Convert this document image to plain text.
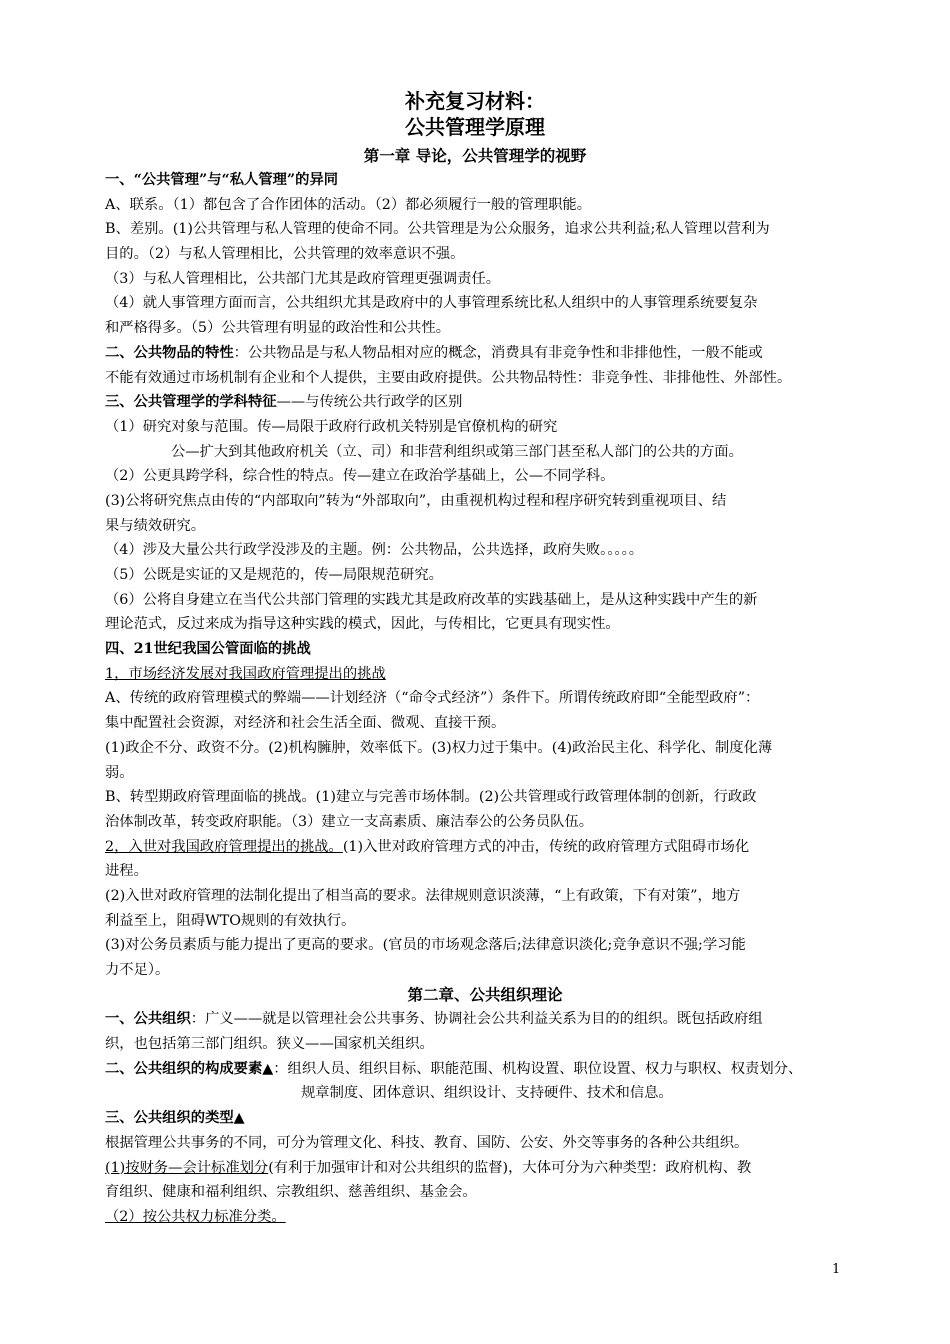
补充复习材料：
公共管理学原理
第一章 导论，公共管理学的视野
一、“公共管理”与“私人管理”的异同
A、联系。（1）都包含了合作团体的活动。（2）都必须履行一般的管理职能。
B、差别。(1)公共管理与私人管理的使命不同。公共管理是为公众服务，追求公共利益;私人管理以营利为
目的。（2）与私人管理相比，公共管理的效率意识不强。
（3）与私人管理相比，公共部门尤其是政府管理更强调责任。
（4）就人事管理方面而言，公共组织尤其是政府中的人事管理系统比私人组织中的人事管理系统要复杂
和严格得多。（5）公共管理有明显的政治性和公共性。
二、公共物品的特性：公共物品是与私人物品相对应的概念，消费具有非竞争性和非排他性，一般不能或
不能有效通过市场机制有企业和个人提供，主要由政府提供。公共物品特性：非竞争性、非排他性、外部性。
三、公共管理学的学科特征——与传统公共行政学的区别
（1）研究对象与范围。传—局限于政府行政机关特别是官僚机构的研究
公—扩大到其他政府机关（立、司）和非营利组织或第三部门甚至私人部门的公共的方面。
（2）公更具跨学科，综合性的特点。传—建立在政治学基础上，公—不同学科。
(3)公将研究焦点由传的“内部取向”转为“外部取向”，由重视机构过程和程序研究转到重视项目、结
果与绩效研究。
（4）涉及大量公共行政学没涉及的主题。例：公共物品，公共选择，政府失败。。。。。
（5）公既是实证的又是规范的，传—局限规范研究。
（6）公将自身建立在当代公共部门管理的实践尤其是政府改革的实践基础上，是从这种实践中产生的新
理论范式，反过来成为指导这种实践的模式，因此，与传相比，它更具有现实性。
四、21世纪我国公管面临的挑战
1，市场经济发展对我国政府管理提出的挑战
A、传统的政府管理模式的弊端——计划经济（“命令式经济”）条件下。所谓传统政府即“全能型政府”：
集中配置社会资源，对经济和社会生活全面、微观、直接干预。
(1)政企不分、政资不分。(2)机构臃肿，效率低下。(3)权力过于集中。(4)政治民主化、科学化、制度化薄
弱。
B、转型期政府管理面临的挑战。(1)建立与完善市场体制。(2)公共管理或行政管理体制的创新，行政政
治体制改革，转变政府职能。（3）建立一支高素质、廉洁奉公的公务员队伍。
2，入世对我国政府管理提出的挑战。(1)入世对政府管理方式的冲击，传统的政府管理方式阻碍市场化
进程。
(2)入世对政府管理的法制化提出了相当高的要求。法律规则意识淡薄，“上有政策，下有对策”，地方
利益至上，阻碍WTO规则的有效执行。
(3)对公务员素质与能力提出了更高的要求。(官员的市场观念落后;法律意识淡化;竞争意识不强;学习能
力不足）。
第二章、公共组织理论
一、公共组织：广义——就是以管理社会公共事务、协调社会公共利益关系为目的的组织。既包括政府组
织，也包括第三部门组织。狭义——国家机关组织。
二、公共组织的构成要素▲：组织人员、组织目标、职能范围、机构设置、职位设置、权力与职权、权责划分、
规章制度、团体意识、组织设计、支持硬件、技术和信息。
三、公共组织的类型▲
根据管理公共事务的不同，可分为管理文化、科技、教育、国防、公安、外交等事务的各种公共组织。
(1)按财务—会计标准划分(有利于加强审计和对公共组织的监督)，大体可分为六种类型：政府机构、教
育组织、健康和福利组织、宗教组织、慈善组织、基金会。
（2）按公共权力标准分类。
1
